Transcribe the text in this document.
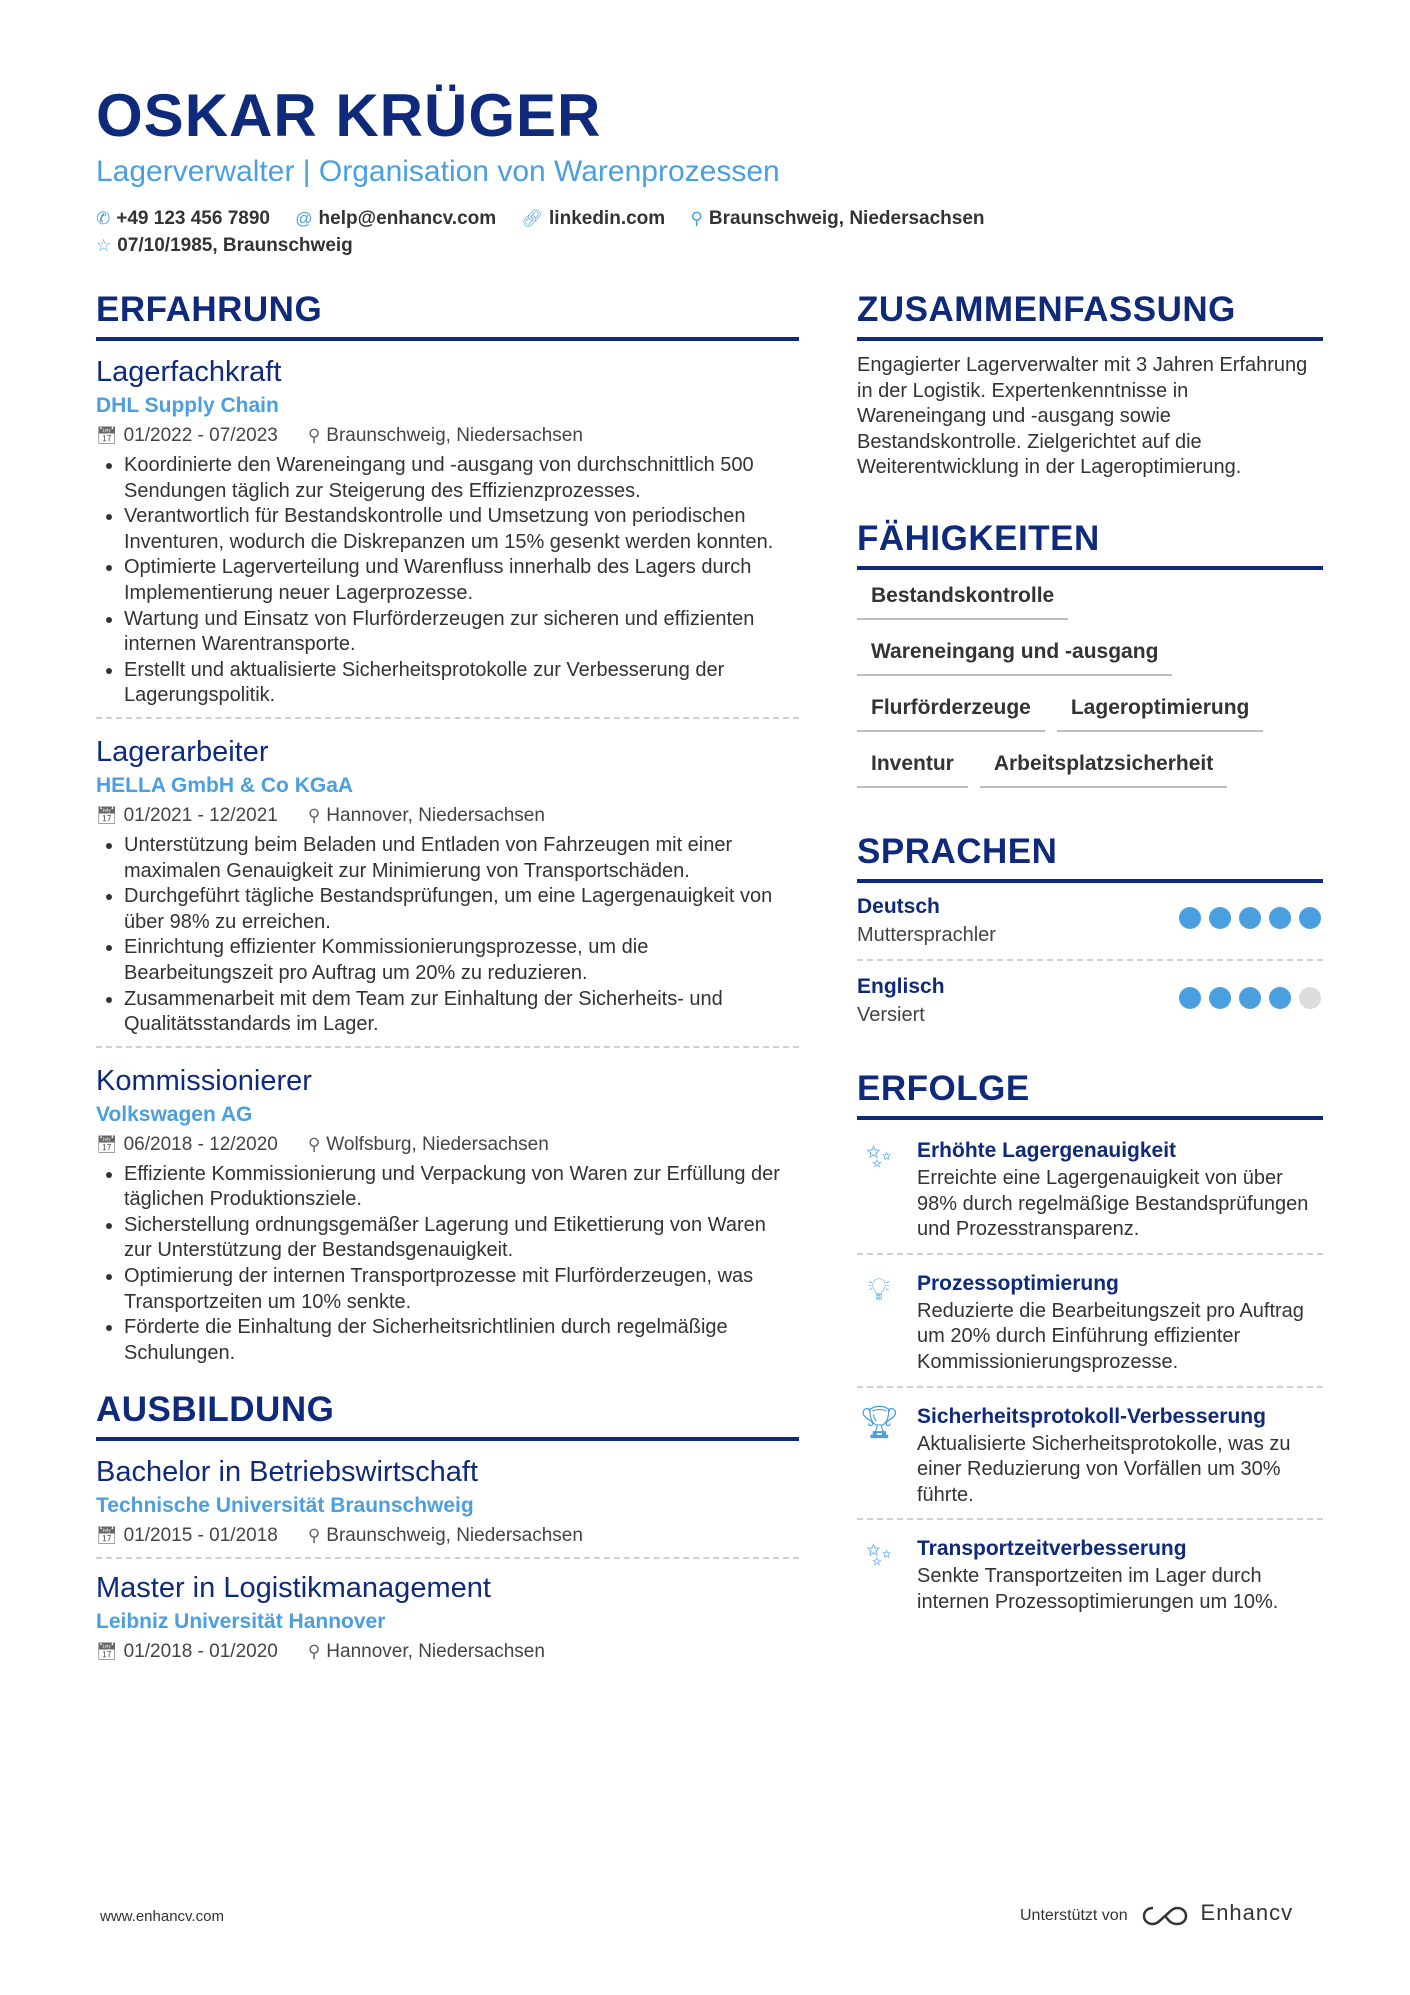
OSKAR KRÜGER
Lagerverwalter | Organisation von Warenprozessen
✆ +49 123 456 7890 @ help@enhancv.com 🔗︎ linkedin.com ⚲ Braunschweig, Niedersachsen
☆ 07/10/1985, Braunschweig
ERFAHRUNG
Lagerfachkraft
DHL Supply Chain
📅︎ 01/2022 - 07/2023 ⚲ Braunschweig, Niedersachsen
• Koordinierte den Wareneingang und -ausgang von durchschnittlich 500 Sendungen täglich zur Steigerung des Effizienzprozesses.
• Verantwortlich für Bestandskontrolle und Umsetzung von periodischen Inventuren, wodurch die Diskrepanzen um 15% gesenkt werden konnten.
• Optimierte Lagerverteilung und Warenfluss innerhalb des Lagers durch Implementierung neuer Lagerprozesse.
• Wartung und Einsatz von Flurförderzeugen zur sicheren und effizienten internen Warentransporte.
• Erstellt und aktualisierte Sicherheitsprotokolle zur Verbesserung der Lagerungspolitik.
Lagerarbeiter
HELLA GmbH & Co KGaA
📅︎ 01/2021 - 12/2021 ⚲ Hannover, Niedersachsen
• Unterstützung beim Beladen und Entladen von Fahrzeugen mit einer maximalen Genauigkeit zur Minimierung von Transportschäden.
• Durchgeführt tägliche Bestandsprüfungen, um eine Lagergenauigkeit von über 98% zu erreichen.
• Einrichtung effizienter Kommissionierungsprozesse, um die Bearbeitungszeit pro Auftrag um 20% zu reduzieren.
• Zusammenarbeit mit dem Team zur Einhaltung der Sicherheits- und Qualitätsstandards im Lager.
Kommissionierer
Volkswagen AG
📅︎ 06/2018 - 12/2020 ⚲ Wolfsburg, Niedersachsen
• Effiziente Kommissionierung und Verpackung von Waren zur Erfüllung der täglichen Produktionsziele.
• Sicherstellung ordnungsgemäßer Lagerung und Etikettierung von Waren zur Unterstützung der Bestandsgenauigkeit.
• Optimierung der internen Transportprozesse mit Flurförderzeugen, was Transportzeiten um 10% senkte.
• Förderte die Einhaltung der Sicherheitsrichtlinien durch regelmäßige Schulungen.
AUSBILDUNG
Bachelor in Betriebswirtschaft
Technische Universität Braunschweig
📅︎ 01/2015 - 01/2018 ⚲ Braunschweig, Niedersachsen
Master in Logistikmanagement
Leibniz Universität Hannover
📅︎ 01/2018 - 01/2020 ⚲ Hannover, Niedersachsen
ZUSAMMENFASSUNG

Engagierter Lagerverwalter mit 3 Jahren Erfahrung in der Logistik. Expertenkenntnisse in Wareneingang und -ausgang sowie Bestandskontrolle. Zielgerichtet auf die Weiterentwicklung in der Lageroptimierung.

FÄHIGKEITEN
BestandskontrolleWareneingang und -ausgangFlurförderzeuge LageroptimierungInventur Arbeitsplatzsicherheit
SPRACHEN
Deutsch
Muttersprachler
Englisch
Versiert
ERFOLGE
✨︎	Erhöhte Lagergenauigkeit
Erreichte eine Lagergenauigkeit von über 98% durch regelmäßige Bestandsprüfungen und Prozesstransparenz.
💡︎	Prozessoptimierung
Reduzierte die Bearbeitungszeit pro Auftrag um 20% durch Einführung effizienter Kommissionierungsprozesse.
🏆︎ Sicherheitsprotokoll-Verbesserung
Aktualisierte Sicherheitsprotokolle, was zu einer Reduzierung von Vorfällen um 30% führte.
✨︎	Transportzeitverbesserung
Senkte Transportzeiten im Lager durch internen Prozessoptimierungen um 10%.
www.enhancv.com	Unterstützt von	Enhancv
